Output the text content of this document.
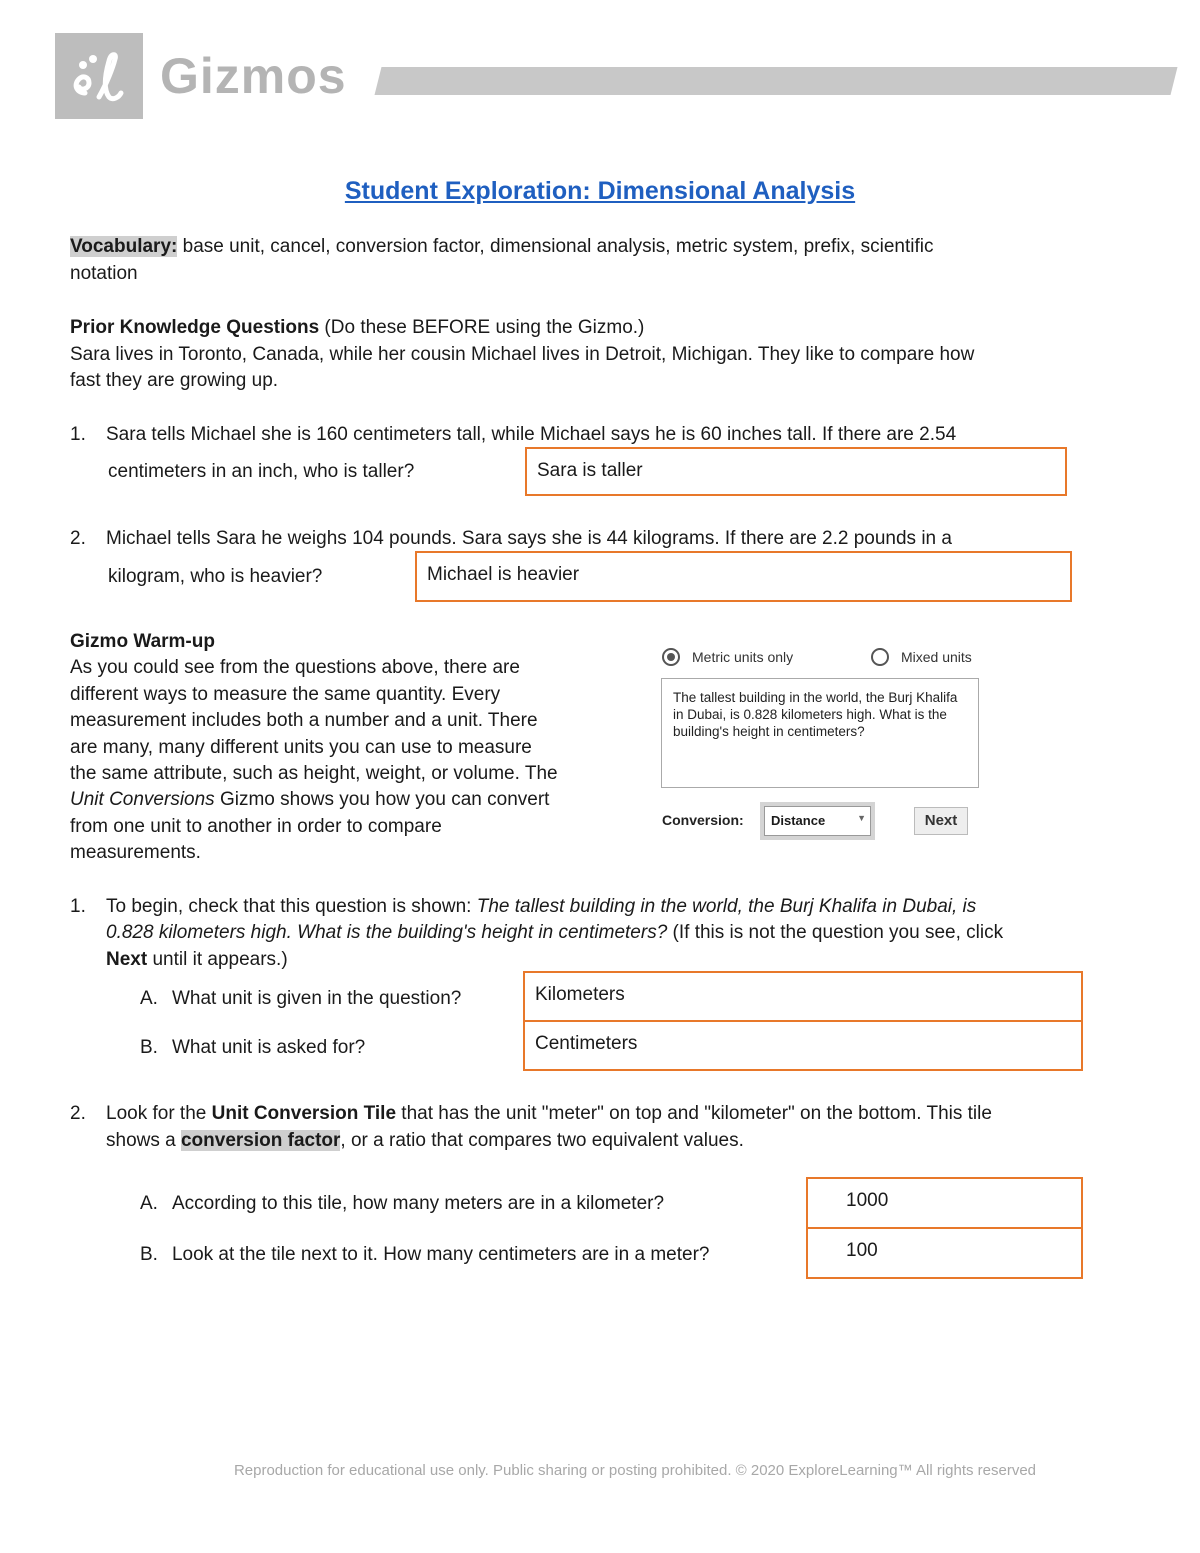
Gizmos
Student Exploration: Dimensional Analysis
Vocabulary: base unit, cancel, conversion factor, dimensional analysis, metric system, prefix, scientific
notation
Prior Knowledge Questions (Do these BEFORE using the Gizmo.)
Sara lives in Toronto, Canada, while her cousin Michael lives in Detroit, Michigan. They like to compare how
fast they are growing up.
1. Sara tells Michael she is 160 centimeters tall, while Michael says he is 60 inches tall. If there are 2.54
centimeters in an inch, who is taller?	Sara is taller
2. Michael tells Sara he weighs 104 pounds. Sara says she is 44 kilograms. If there are 2.2 pounds in a
kilogram, who is heavier?	Michael is heavier
Gizmo Warm-up
As you could see from the questions above, there are
different ways to measure the same quantity. Every
measurement includes both a number and a unit. There
are many, many different units you can use to measure
the same attribute, such as height, weight, or volume. The
Unit Conversions Gizmo shows you how you can convert
from one unit to another in order to compare
measurements.
Metric units only	Mixed units
The tallest building in the world, the Burj Khalifa in Dubai, is 0.828 kilometers high. What is the building's height in centimeters?
Conversion:	Distance	▼	Next
1. To begin, check that this question is shown: The tallest building in the world, the Burj Khalifa in Dubai, is
0.828 kilometers high. What is the building's height in centimeters? (If this is not the question you see, click
Next until it appears.)
A. What unit is given in the question?	Kilometers
B. What unit is asked for?	Centimeters
2. Look for the Unit Conversion Tile that has the unit "meter" on top and "kilometer" on the bottom. This tile
shows a conversion factor, or a ratio that compares two equivalent values.
A. According to this tile, how many meters are in a kilometer?	1000
B. Look at the tile next to it. How many centimeters are in a meter?	100
Reproduction for educational use only. Public sharing or posting prohibited. © 2020 ExploreLearning™ All rights reserved
